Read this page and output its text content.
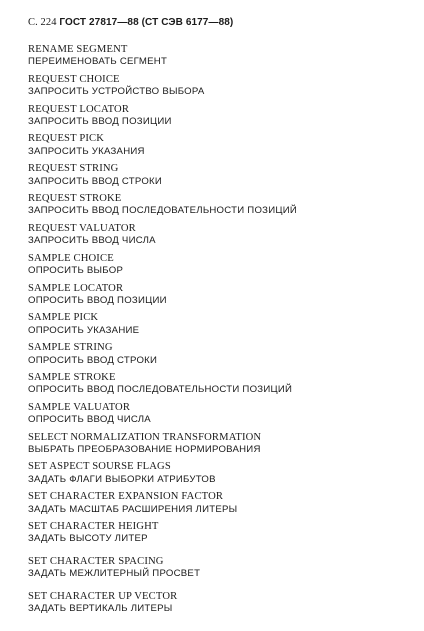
С. 224 ГОСТ 27817—88 (СТ СЭВ 6177—88)
RENAME SEGMENT
ПЕРЕИМЕНОВАТЬ СЕГМЕНТ
REQUEST CHOICE
ЗАПРОСИТЬ УСТРОЙСТВО ВЫБОРА
REQUEST LOCATOR
ЗАПРОСИТЬ ВВОД ПОЗИЦИИ
REQUEST PICK
ЗАПРОСИТЬ УКАЗАНИЯ
REQUEST STRING
ЗАПРОСИТЬ ВВОД СТРОКИ
REQUEST STROKE
ЗАПРОСИТЬ ВВОД ПОСЛЕДОВАТЕЛЬНОСТИ ПОЗИЦИЙ
REQUEST VALUATOR
ЗАПРОСИТЬ ВВОД ЧИСЛА
SAMPLE CHOICE
ОПРОСИТЬ ВЫБОР
SAMPLE LOCATOR
ОПРОСИТЬ ВВОД ПОЗИЦИИ
SAMPLE PICK
ОПРОСИТЬ УКАЗАНИЕ
SAMPLE STRING
ОПРОСИТЬ ВВОД СТРОКИ
SAMPLE STROKE
ОПРОСИТЬ ВВОД ПОСЛЕДОВАТЕЛЬНОСТИ ПОЗИЦИЙ
SAMPLE VALUATOR
ОПРОСИТЬ ВВОД ЧИСЛА
SELECT NORMALIZATION TRANSFORMATION
ВЫБРАТЬ ПРЕОБРАЗОВАНИЕ НОРМИРОВАНИЯ
SET ASPECT SOURSE FLAGS
ЗАДАТЬ ФЛАГИ ВЫБОРКИ АТРИБУТОВ
SET CHARACTER EXPANSION FACTOR
ЗАДАТЬ МАСШТАБ РАСШИРЕНИЯ ЛИТЕРЫ
SET CHARACTER HEIGHT
ЗАДАТЬ ВЫСОТУ ЛИТЕР
SET CHARACTER SPACING
ЗАДАТЬ МЕЖЛИТЕРНЫЙ ПРОСВЕТ
SET CHARACTER UP VECTOR
ЗАДАТЬ ВЕРТИКАЛЬ ЛИТЕРЫ
